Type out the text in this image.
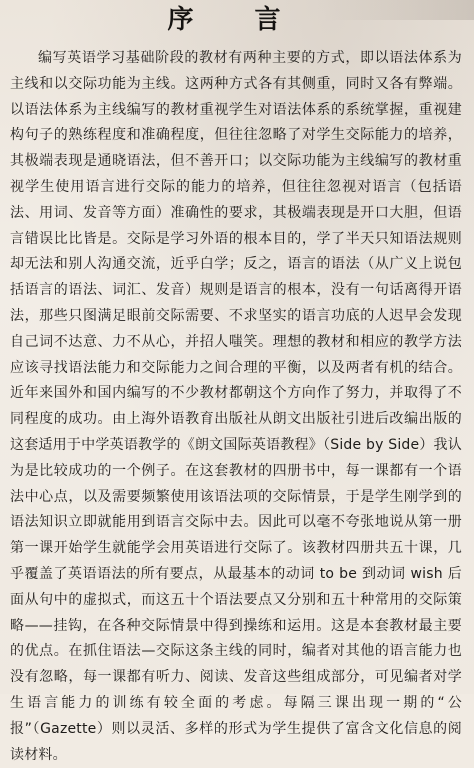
序 言

编写英语学习基础阶段的教材有两种主要的方式，即以语法体系为主线和以交际功能为主线。这两种方式各有其侧重，同时又各有弊端。以语法体系为主线编写的教材重视学生对语法体系的系统掌握，重视建构句子的熟练程度和准确程度，但往往忽略了对学生交际能力的培养，其极端表现是通晓语法，但不善开口；以交际功能为主线编写的教材重视学生使用语言进行交际的能力的培养，但往往忽视对语言（包括语法、用词、发音等方面）准确性的要求，其极端表现是开口大胆，但语言错误比比皆是。交际是学习外语的根本目的，学了半天只知语法规则却无法和别人沟通交流，近乎白学；反之，语言的语法（从广义上说包括语言的语法、词汇、发音）规则是语言的根本，没有一句话离得开语法，那些只图满足眼前交际需要、不求坚实的语言功底的人迟早会发现自己词不达意、力不从心，并招人嗤笑。理想的教材和相应的教学方法应该寻找语法能力和交际能力之间合理的平衡，以及两者有机的结合。近年来国外和国内编写的不少教材都朝这个方向作了努力，并取得了不同程度的成功。由上海外语教育出版社从朗文出版社引进后改编出版的这套适用于中学英语教学的《朗文国际英语教程》（Side by Side）我认为是比较成功的一个例子。在这套教材的四册书中，每一课都有一个语法中心点，以及需要频繁使用该语法项的交际情景，于是学生刚学到的语法知识立即就能用到语言交际中去。因此可以毫不夸张地说从第一册第一课开始学生就能学会用英语进行交际了。该教材四册共五十课，几乎覆盖了英语语法的所有要点，从最基本的动词 to be 到动词 wish 后面从句中的虚拟式，而这五十个语法要点又分别和五十种常用的交际策略——挂钩，在各种交际情景中得到操练和运用。这是本套教材最主要的优点。在抓住语法—交际这条主线的同时，编者对其他的语言能力也没有忽略，每一课都有听力、阅读、发音这些组成部分，可见编者对学生语言能力的训练有较全面的考虑。每隔三课出现一期的“公报”（Gazette）则以灵活、多样的形式为学生提供了富含文化信息的阅读材料。
